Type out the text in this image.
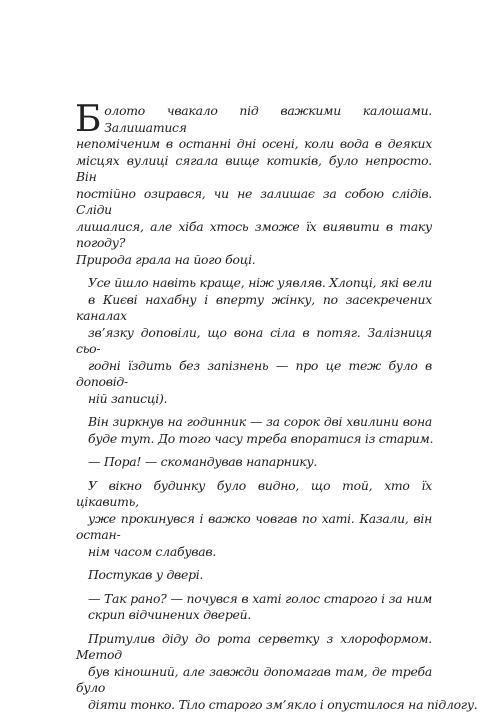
Б олото чвакало під важкими калошами. Залишатися
непоміченим в останні дні осені, коли вода в деяких
місцях вулиці сягала вище котиків, було непросто. Він
постійно озирався, чи не залишає за собою слідів. Сліди
лишалися, але хіба хтось зможе їх виявити в таку погоду?
Природа грала на його боці.

Усе йшло навіть краще, ніж уявляв. Хлопці, які вели
в Києві нахабну і вперту жінку, по засекречених каналах
зв’язку доповіли, що вона сіла в потяг. Залізниця сьо-
годні їздить без запізнень — про це теж було в доповід-
ній записці).

Він зиркнув на годинник — за сорок дві хвилини вона
буде тут. До того часу треба впоратися із старим.

— Пора! — скомандував напарнику.

У вікно будинку було видно, що той, хто їх цікавить,
уже прокинувся і важко човгав по хаті. Казали, він остан-
нім часом слабував.

Постукав у двері.

— Так рано? — почувся в хаті голос старого і за ним
скрип відчинених дверей.

Притулив діду до рота серветку з хлороформом. Метод
був кіношний, але завжди допомагав там, де треба було
діяти тонко. Тіло старого зм’якло і опустилося на підлогу.
